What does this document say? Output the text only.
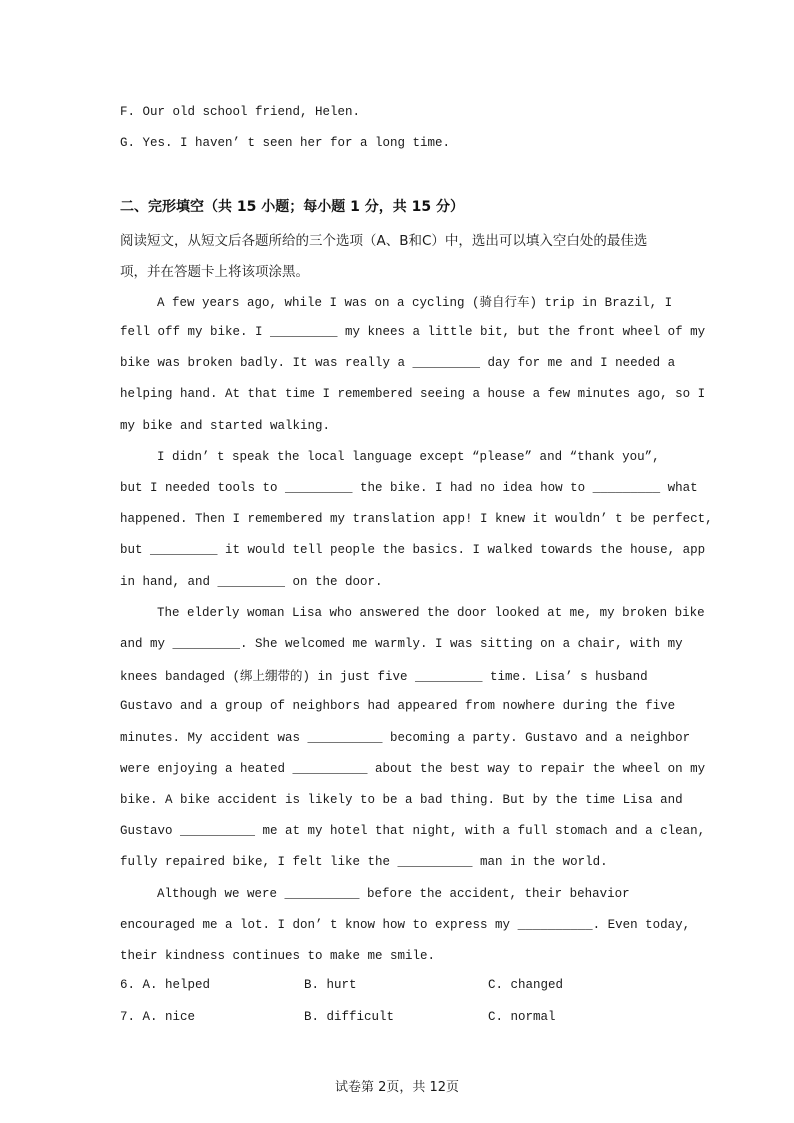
F. Our old school friend, Helen.
G. Yes. I haven’ t seen her for a long time.
二、完形填空（共 15 小题；每小题 1 分，共 15 分）
阅读短文，从短文后各题所给的三个选项（A、B和C）中，选出可以填入空白处的最佳选
项，并在答题卡上将该项涂黑。
A few years ago, while I was on a cycling (骑自行车) trip in Brazil, I
fell off my bike. I _________ my knees a little bit, but the front wheel of my
bike was broken badly. It was really a _________ day for me and I needed a
helping hand. At that time I remembered seeing a house a few minutes ago, so I
my bike and started walking.
I didn’ t speak the local language except “please” and “thank you”,
but I needed tools to _________ the bike. I had no idea how to _________ what
happened. Then I remembered my translation app! I knew it wouldn’ t be perfect,
but _________ it would tell people the basics. I walked towards the house, app
in hand, and _________ on the door.
The elderly woman Lisa who answered the door looked at me, my broken bike
and my _________. She welcomed me warmly. I was sitting on a chair, with my
knees bandaged (绑上绷带的) in just five _________ time. Lisa’ s husband
Gustavo and a group of neighbors had appeared from nowhere during the five
minutes. My accident was __________ becoming a party. Gustavo and a neighbor
were enjoying a heated __________ about the best way to repair the wheel on my
bike. A bike accident is likely to be a bad thing. But by the time Lisa and
Gustavo __________ me at my hotel that night, with a full stomach and a clean,
fully repaired bike, I felt like the __________ man in the world.
Although we were __________ before the accident, their behavior
encouraged me a lot. I don’ t know how to express my __________. Even today,
their kindness continues to make me smile.
6. A. helped	B. hurt	C. changed
7. A. nice	B. difficult	C. normal
试卷第 2页，共 12页
